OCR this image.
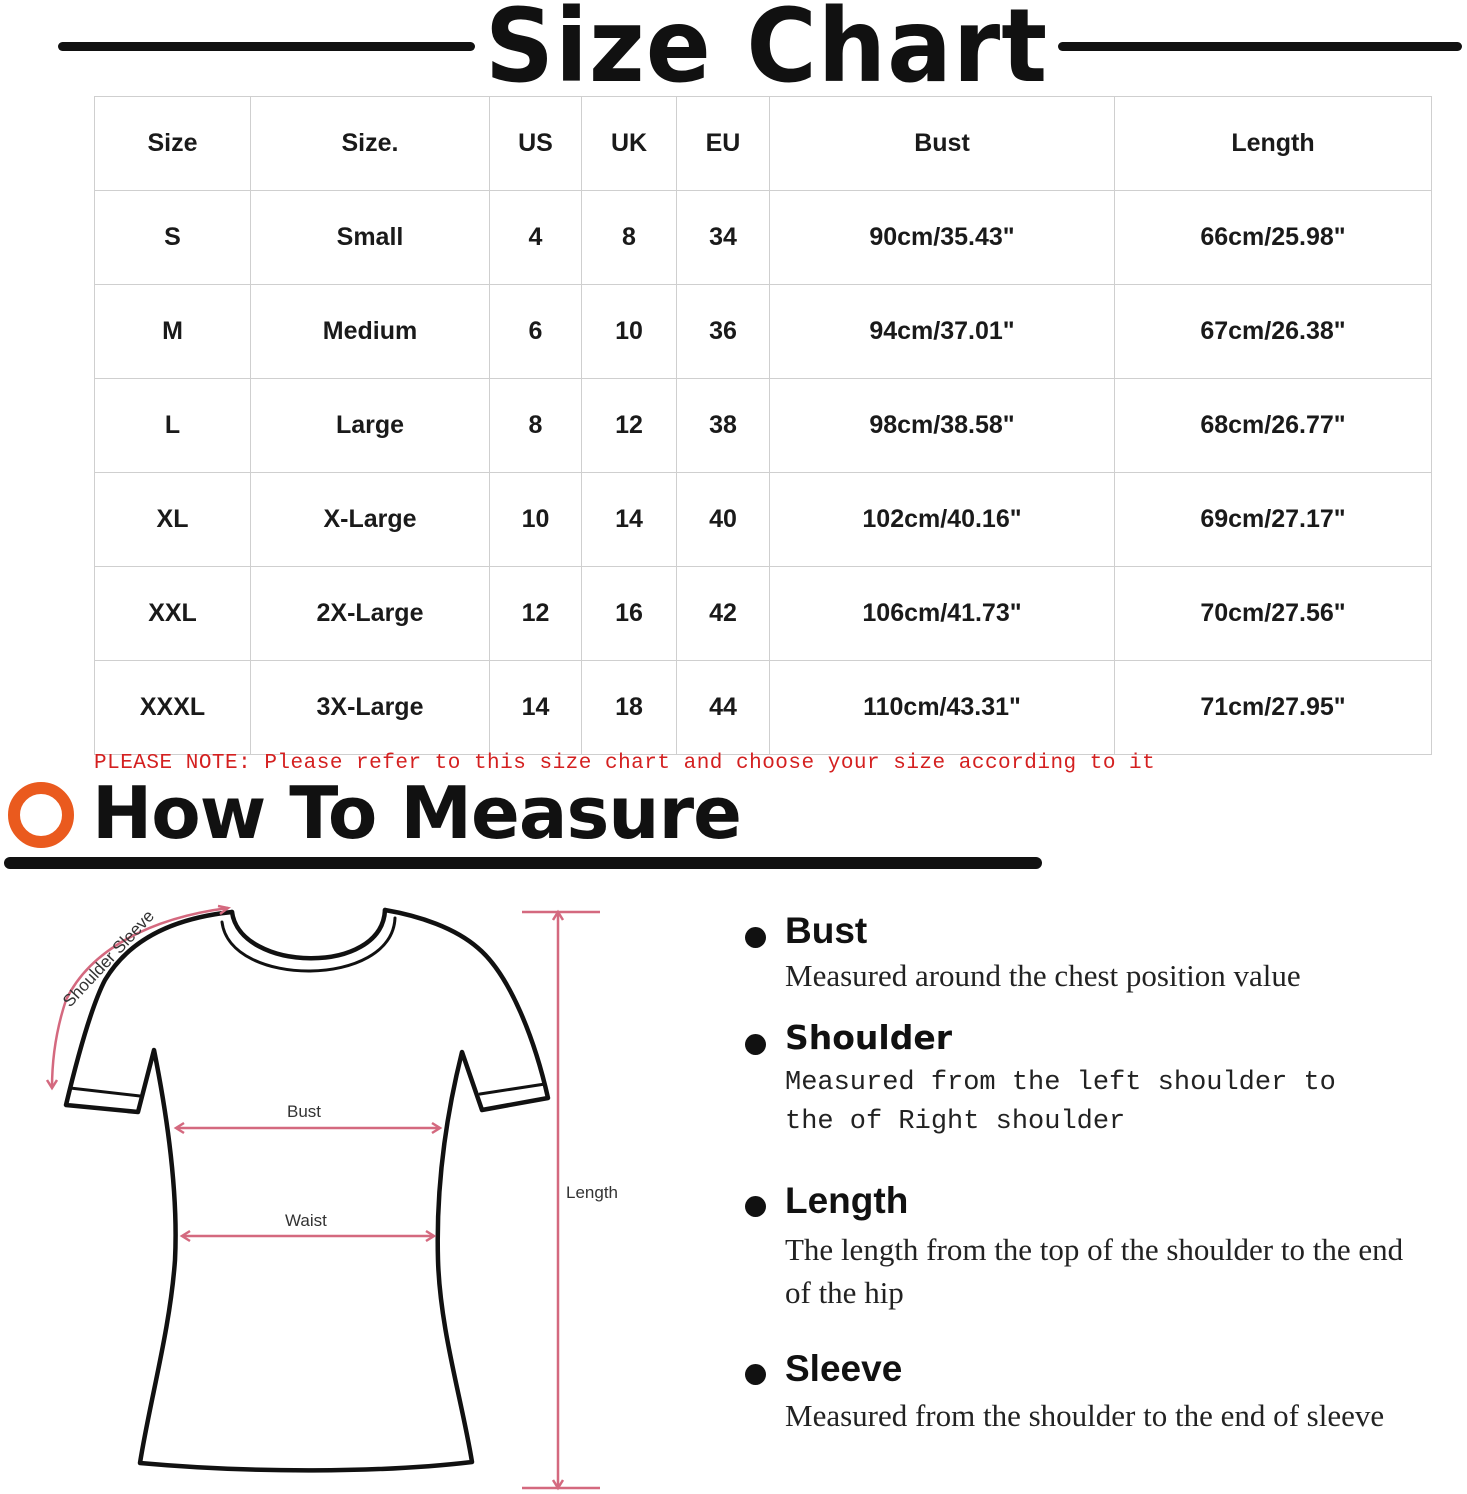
Size Chart
Size	Size.	US	UK	EU	Bust	Length
S	Small	4	8	34	90cm/35.43"	66cm/25.98"
M	Medium	6	10	36	94cm/37.01"	67cm/26.38"
L	Large	8	12	38	98cm/38.58"	68cm/26.77"
XL	X-Large	10	14	40	102cm/40.16"	69cm/27.17"
XXL	2X-Large	12	16	42	106cm/41.73"	70cm/27.56"
XXXL	3X-Large	14	18	44	110cm/43.31"	71cm/27.95"
PLEASE NOTE: Please refer to this size chart and choose your size according to it
How To Measure
Bust
Waist
Length
Shoulder Sleeve	Bust
Measured around the chest position value
Shoulder
Measured from the left shoulder to the of Right shoulder
Length
The length from the top of the shoulder to the end of the hip
Sleeve
Measured from the shoulder to the end of sleeve
